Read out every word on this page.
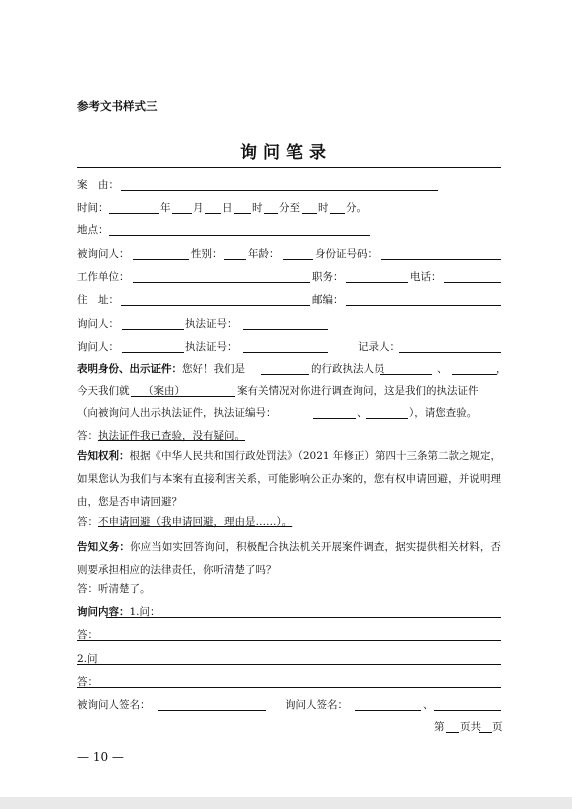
参考文书样式三
询问笔录
案　由：
时间：	年 月 日 时 分至 时 分。
地点：
被询问人：	性别： 年龄：	身份证号码：
工作单位：	职务：	电话：
住　址：	邮编：
询问人：	执法证号：
询问人：	执法证号：	记录人：
表明身份、出示证件：您好！我们是	的行政执法人员	、	，
今天我们就 （案由）	案有关情况对你进行调查询问，这是我们的执法证件
（向被询问人出示执法证件，执法证编号：	、	），请您查验。
答：执法证件我已查验，没有疑问。
告知权利：根据《中华人民共和国行政处罚法》（2021 年修正）第四十三条第二款之规定，如果您认为我们与本案有直接利害关系，可能影响公正办案的，您有权申请回避，并说明理由，您是否申请回避？
答：不申请回避（我申请回避，理由是……）。
告知义务：你应当如实回答询问，积极配合执法机关开展案件调查，据实提供相关材料，否则要承担相应的法律责任，你听清楚了吗？
答：听清楚了。
询问内容：1.问：
答：
2.问
答：
被询问人签名：	询问人签名：	、
第 页共 页
— 10 —
